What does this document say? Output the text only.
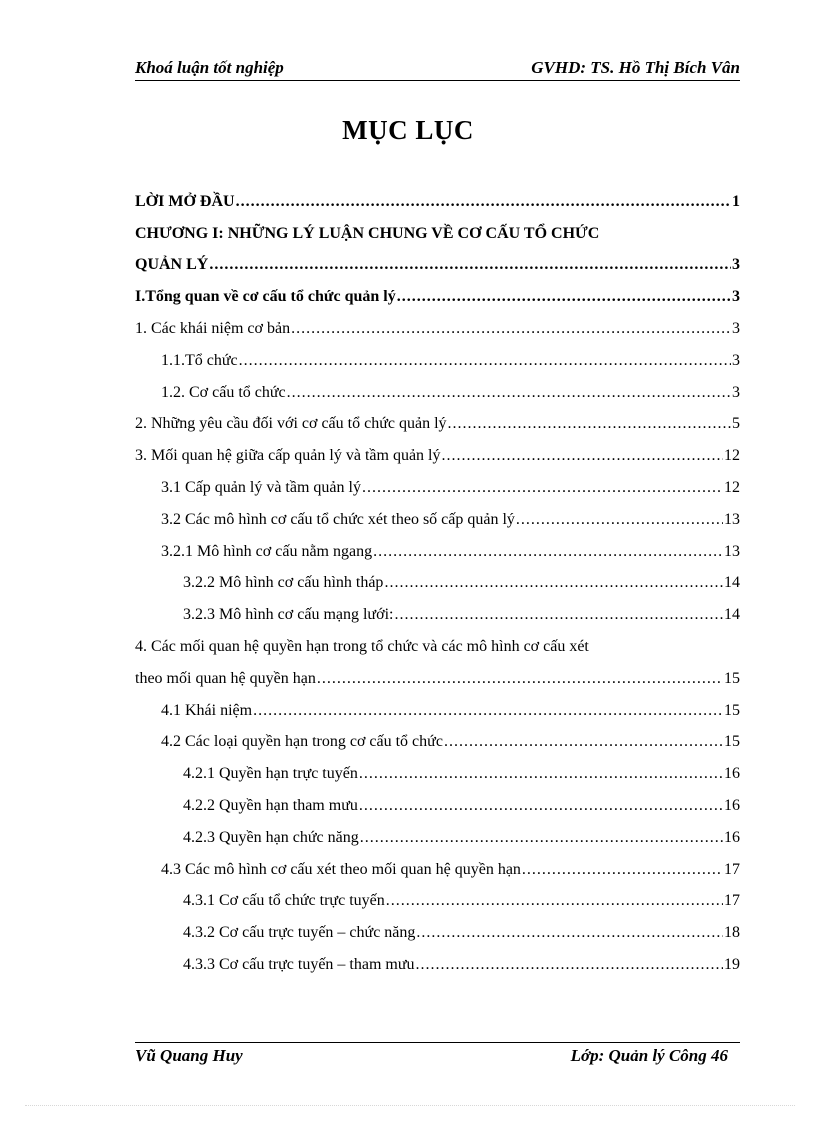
Khoá luận tốt nghiệp	GVHD: TS. Hồ Thị Bích Vân
MỤC LỤC
LỜI MỞ ĐẦU .....	1
CHƯƠNG I: NHỮNG LÝ LUẬN CHUNG VỀ CƠ CẤU TỔ CHỨC
QUẢN LÝ .....	3
I.Tổng quan về cơ cấu tổ chức quản lý .....	3
1. Các khái niệm cơ bản .....	3
1.1.Tổ chức .....	3
1.2. Cơ cấu tổ chức .....	3
2. Những yêu cầu đối với cơ cấu tổ chức quản lý .....	5
3. Mối quan hệ giữa cấp quản lý và tầm quản lý .....	12
3.1 Cấp quản lý và tầm quản lý .....	12
3.2 Các mô hình cơ cấu tổ chức xét theo số cấp quản lý .....	13
3.2.1 Mô hình cơ cấu nằm ngang .....	13
3.2.2 Mô hình cơ cấu hình tháp .....	14
3.2.3 Mô hình cơ cấu mạng lưới: .....	14
4. Các mối quan hệ quyền hạn trong tổ chức và các mô hình cơ cấu xét
theo mối quan hệ quyền hạn .....	15
4.1 Khái niệm .....	15
4.2 Các loại quyền hạn trong cơ cấu tổ chức .....	15
4.2.1 Quyền hạn trực tuyến .....	16
4.2.2 Quyền hạn tham mưu .....	16
4.2.3 Quyền hạn chức năng .....	16
4.3 Các mô hình cơ cấu xét theo mối quan hệ quyền hạn .....	17
4.3.1 Cơ cấu tổ chức trực tuyến .....	17
4.3.2 Cơ cấu trực tuyến – chức năng .....	18
4.3.3 Cơ cấu trực tuyến – tham mưu .....	19
Vũ Quang Huy	Lớp: Quản lý Công 46
